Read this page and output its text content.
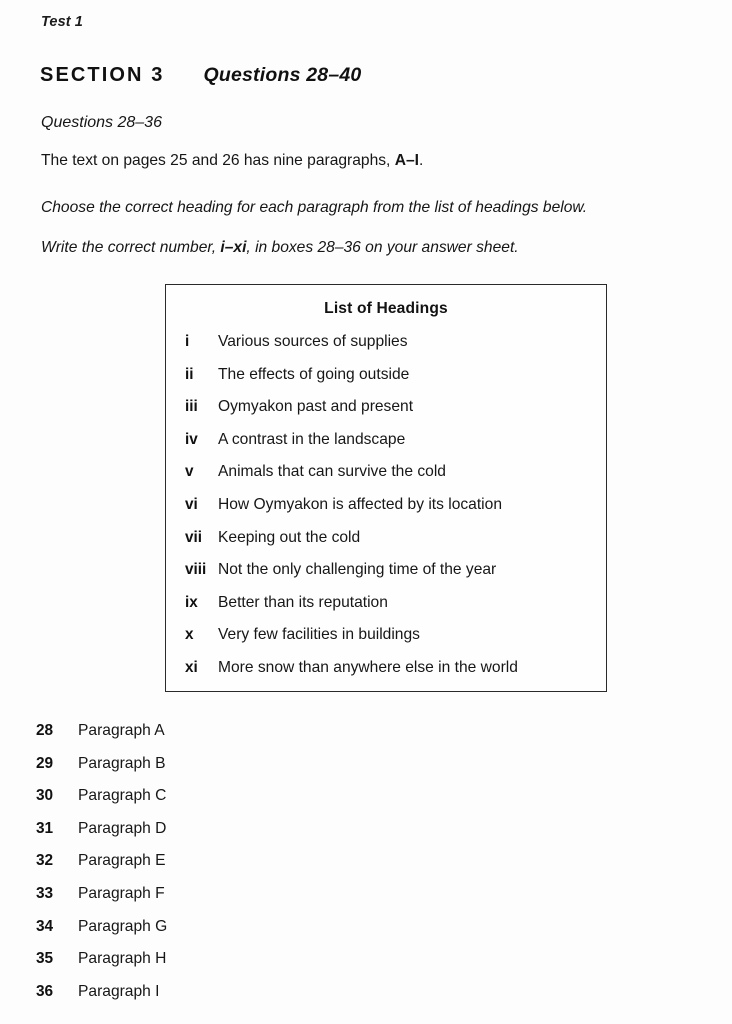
Test 1
SECTION 3 Questions 28–40
Questions 28–36
The text on pages 25 and 26 has nine paragraphs, A–I.
Choose the correct heading for each paragraph from the list of headings below.
Write the correct number, i–xi, in boxes 28–36 on your answer sheet.
List of Headings
i	Various sources of supplies
ii	The effects of going outside
iii	Oymyakon past and present
iv	A contrast in the landscape
v	Animals that can survive the cold
vi	How Oymyakon is affected by its location
vii	Keeping out the cold
viii Not the only challenging time of the year
ix	Better than its reputation
x	Very few facilities in buildings
xi	More snow than anywhere else in the world
28	Paragraph A
29	Paragraph B
30	Paragraph C
31	Paragraph D
32	Paragraph E
33	Paragraph F
34	Paragraph G
35	Paragraph H
36	Paragraph I
